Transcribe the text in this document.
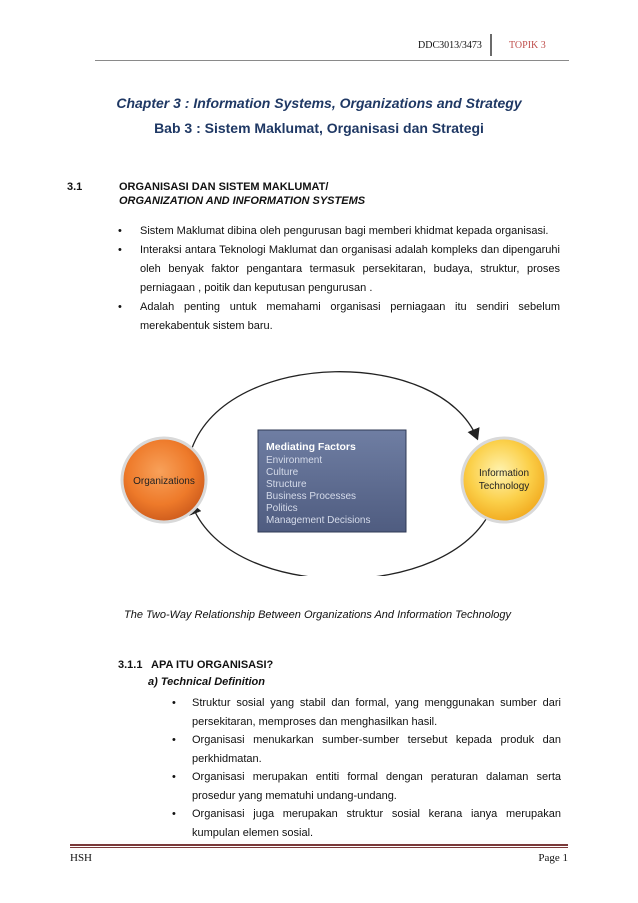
DDC3013/3473	TOPIK 3
Chapter 3 : Information Systems, Organizations and Strategy
Bab 3 : Sistem Maklumat, Organisasi dan Strategi
3.1	ORGANISASI DAN SISTEM MAKLUMAT/
ORGANIZATION AND INFORMATION SYSTEMS
• Sistem Maklumat dibina oleh pengurusan bagi memberi khidmat kepada organisasi.
• Interaksi antara Teknologi Maklumat dan organisasi adalah kompleks dan dipengaruhi oleh benyak faktor pengantara termasuk persekitaran, budaya, struktur, proses perniagaan , poitik dan keputusan pengurusan .
• Adalah penting untuk memahami organisasi perniagaan itu sendiri sebelum merekabentuk sistem baru.
Organizations
Information
Technology
Mediating Factors
Environment
Culture
Structure
Business Processes
Politics
Management Decisions
The Two-Way Relationship Between Organizations And Information Technology
3.1.1 APA ITU ORGANISASI?
a) Technical Definition
• Struktur sosial yang stabil dan formal, yang menggunakan sumber dari persekitaran, memproses dan menghasilkan hasil.
• Organisasi menukarkan sumber-sumber tersebut kepada produk dan perkhidmatan.
• Organisasi merupakan entiti formal dengan peraturan dalaman serta prosedur yang mematuhi undang-undang.
• Organisasi juga merupakan struktur sosial kerana ianya merupakan kumpulan elemen sosial.
HSH	Page 1
